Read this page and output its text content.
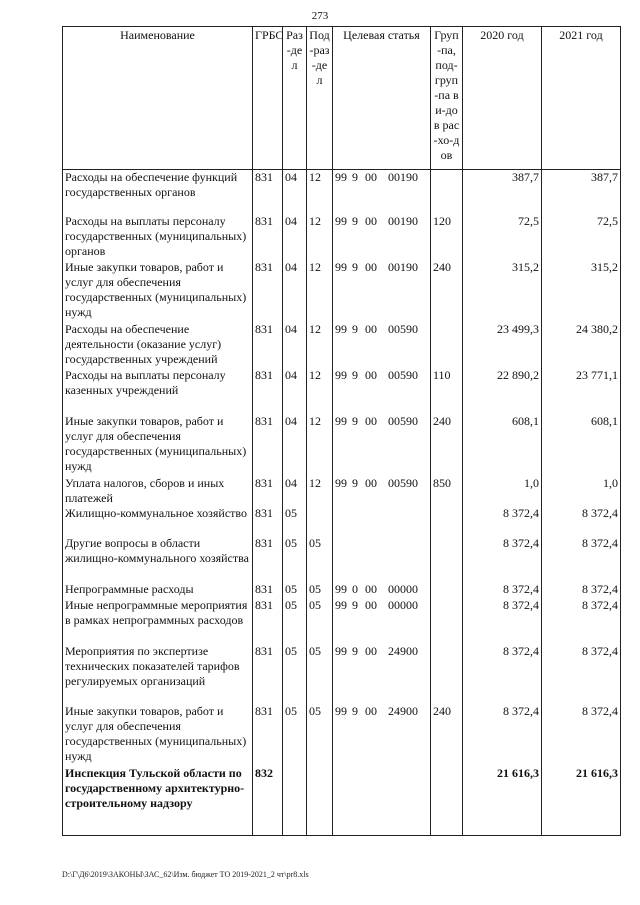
273
Наименование	ГРБС	Раз-дел	Под-раз-дел	Целевая статья	Груп-па, под-груп-па ви-дов рас-хо-дов	2020 год	2021 год
Расходы на обеспечение функций государственных органов	831	04	12	99 9 00 00190		387,7	387,7
Расходы на выплаты персоналу государственных (муниципальных) органов	831	04	12	99 9 00 00190	120	72,5	72,5
Иные закупки товаров, работ и услуг для обеспечения государственных (муниципальных) нужд	831	04	12	99 9 00 00190	240	315,2	315,2
Расходы на обеспечение деятельности (оказание услуг) государственных учреждений	831	04	12	99 9 00 00590		23 499,3	24 380,2
Расходы на выплаты персоналу казенных учреждений	831	04	12	99 9 00 00590	110	22 890,2	23 771,1
Иные закупки товаров, работ и услуг для обеспечения государственных (муниципальных) нужд	831	04	12	99 9 00 00590	240	608,1	608,1
Уплата налогов, сборов и иных платежей	831	04	12	99 9 00 00590	850	1,0	1,0
Жилищно-коммунальное хозяйство	831	05				8 372,4	8 372,4
Другие вопросы в области жилищно-коммунального хозяйства	831	05	05			8 372,4	8 372,4
Непрограммные расходы	831	05	05	99 0 00 00000		8 372,4	8 372,4
Иные непрограммные мероприятия в рамках непрограммных расходов	831	05	05	99 9 00 00000		8 372,4	8 372,4
Мероприятия по экспертизе технических показателей тарифов регулируемых организаций	831	05	05	99 9 00 24900		8 372,4	8 372,4
Иные закупки товаров, работ и услуг для обеспечения государственных (муниципальных) нужд	831	05	05	99 9 00 24900	240	8 372,4	8 372,4
Инспекция Тульской области по государственному архитектурно-строительному надзору	832					21 616,3	21 616,3
D:\Г\Д6\2019\ЗАКОНЫ\ЗАС_62\Изм. бюджет ТО 2019-2021_2 чт\pr8.xls
